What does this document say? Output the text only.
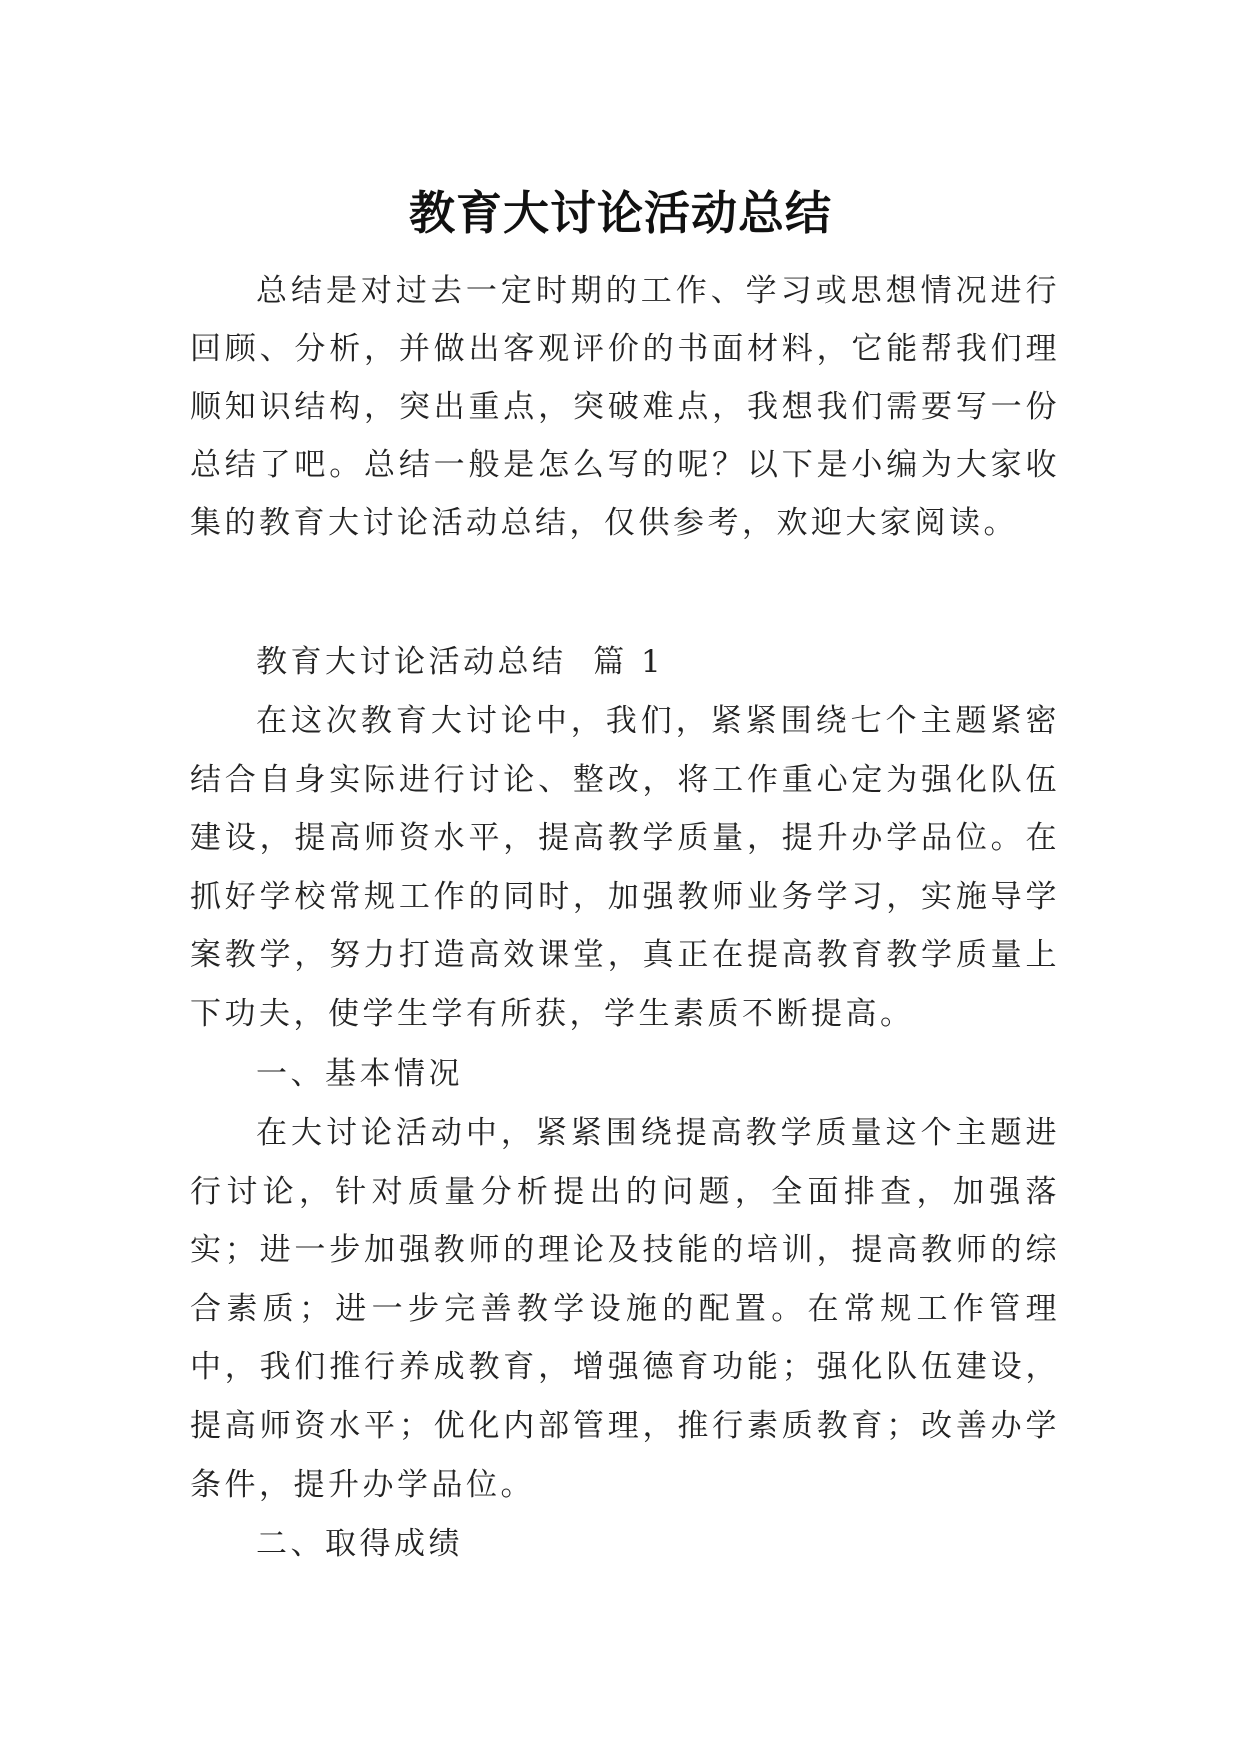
教育大讨论活动总结

总结是对过去一定时期的工作、学习或思想情况进行回顾、分析，并做出客观评价的书面材料，它能帮我们理顺知识结构，突出重点，突破难点，我想我们需要写一份总结了吧。总结一般是怎么写的呢？以下是小编为大家收集的教育大讨论活动总结，仅供参考，欢迎大家阅读。

教育大讨论活动总结  篇 1

在这次教育大讨论中，我们，紧紧围绕七个主题紧密结合自身实际进行讨论、整改，将工作重心定为强化队伍建设，提高师资水平，提高教学质量，提升办学品位。在抓好学校常规工作的同时，加强教师业务学习，实施导学案教学，努力打造高效课堂，真正在提高教育教学质量上下功夫，使学生学有所获，学生素质不断提高。

一、基本情况

在大讨论活动中，紧紧围绕提高教学质量这个主题进行讨论，针对质量分析提出的问题，全面排查，加强落实；进一步加强教师的理论及技能的培训，提高教师的综合素质；进一步完善教学设施的配置。在常规工作管理中，我们推行养成教育，增强德育功能；强化队伍建设，提高师资水平；优化内部管理，推行素质教育；改善办学条件，提升办学品位。

二、取得成绩
